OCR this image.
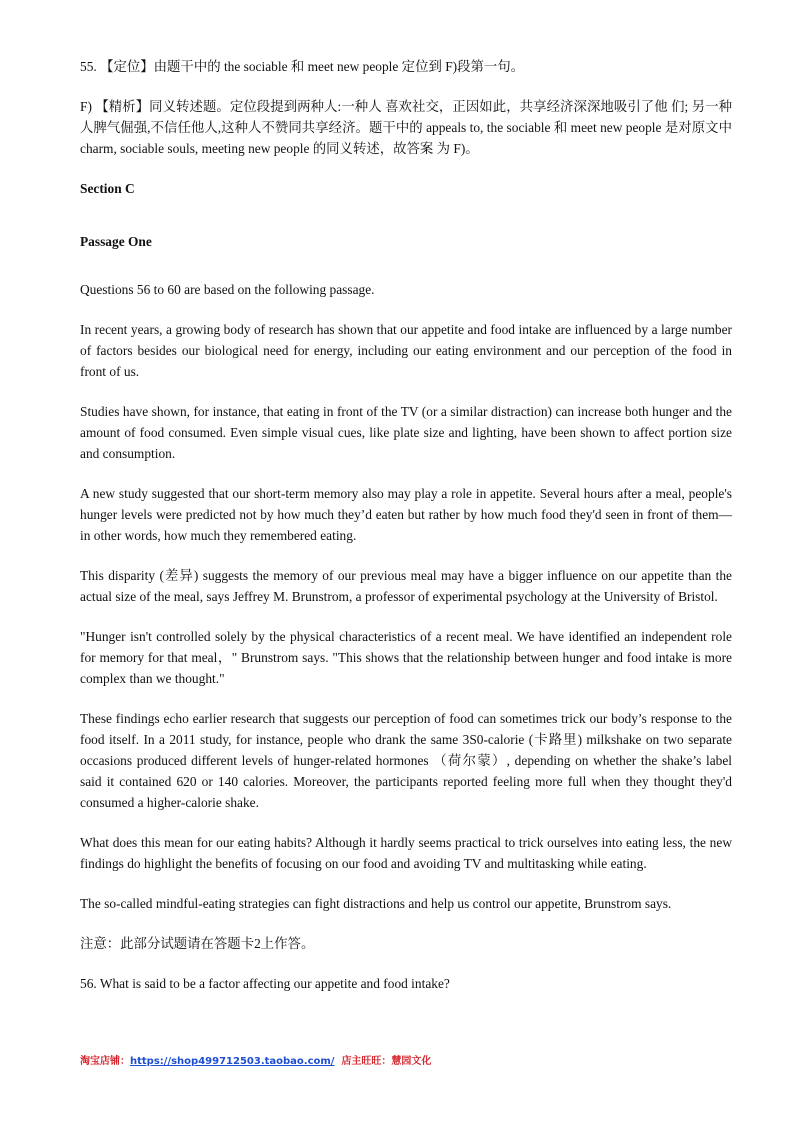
55. 【定位】由题干中的 the sociable 和 meet new people 定位到 F)段第一句。

F) 【精析】同义转述题。定位段提到两种人:一种人 喜欢社交，正因如此，共享经济深深地吸引了他 们; 另一种人脾气倔强,不信任他人,这种人不赞同共享经济。题干中的 appeals to, the sociable 和 meet new people 是对原文中 charm, sociable souls, meeting new people 的同义转述，故答案 为 F)。

Section C

Passage One

Questions 56 to 60 are based on the following passage.

In recent years, a growing body of research has shown that our appetite and food intake are influenced by a large number of factors besides our biological need for energy, including our eating environment and our perception of the food in front of us.

Studies have shown, for instance, that eating in front of the TV (or a similar distraction) can increase both hunger and the amount of food consumed. Even simple visual cues, like plate size and lighting, have been shown to affect portion size and consumption.

A new study suggested that our short-term memory also may play a role in appetite. Several hours after a meal, people's hunger levels were predicted not by how much they’d eaten but rather by how much food they'd seen in front of them—in other words, how much they remembered eating.

This disparity (差异) suggests the memory of our previous meal may have a bigger influence on our appetite than the actual size of the meal, says Jeffrey M. Brunstrom, a professor of experimental psychology at the University of Bristol.

"Hunger isn't controlled solely by the physical characteristics of a recent meal. We have identified an independent role for memory for that meal，" Brunstrom says. "This shows that the relationship between hunger and food intake is more complex than we thought."

These findings echo earlier research that suggests our perception of food can sometimes trick our body’s response to the food itself. In a 2011 study, for instance, people who drank the same 3S0-calorie (卡路里) milkshake on two separate occasions produced different levels of hunger-related hormones （荷尔蒙）, depending on whether the shake’s label said it contained 620 or 140 calories. Moreover, the participants reported feeling more full when they thought they'd consumed a higher-calorie shake.

What does this mean for our eating habits? Although it hardly seems practical to trick ourselves into eating less, the new findings do highlight the benefits of focusing on our food and avoiding TV and multitasking while eating.

The so-called mindful-eating strategies can fight distractions and help us control our appetite, Brunstrom says.

注意：此部分试题请在答题卡2上作答。

56. What is said to be a factor affecting our appetite and food intake?

淘宝店铺：https://shop499712503.taobao.com/ 店主旺旺：慧园文化
